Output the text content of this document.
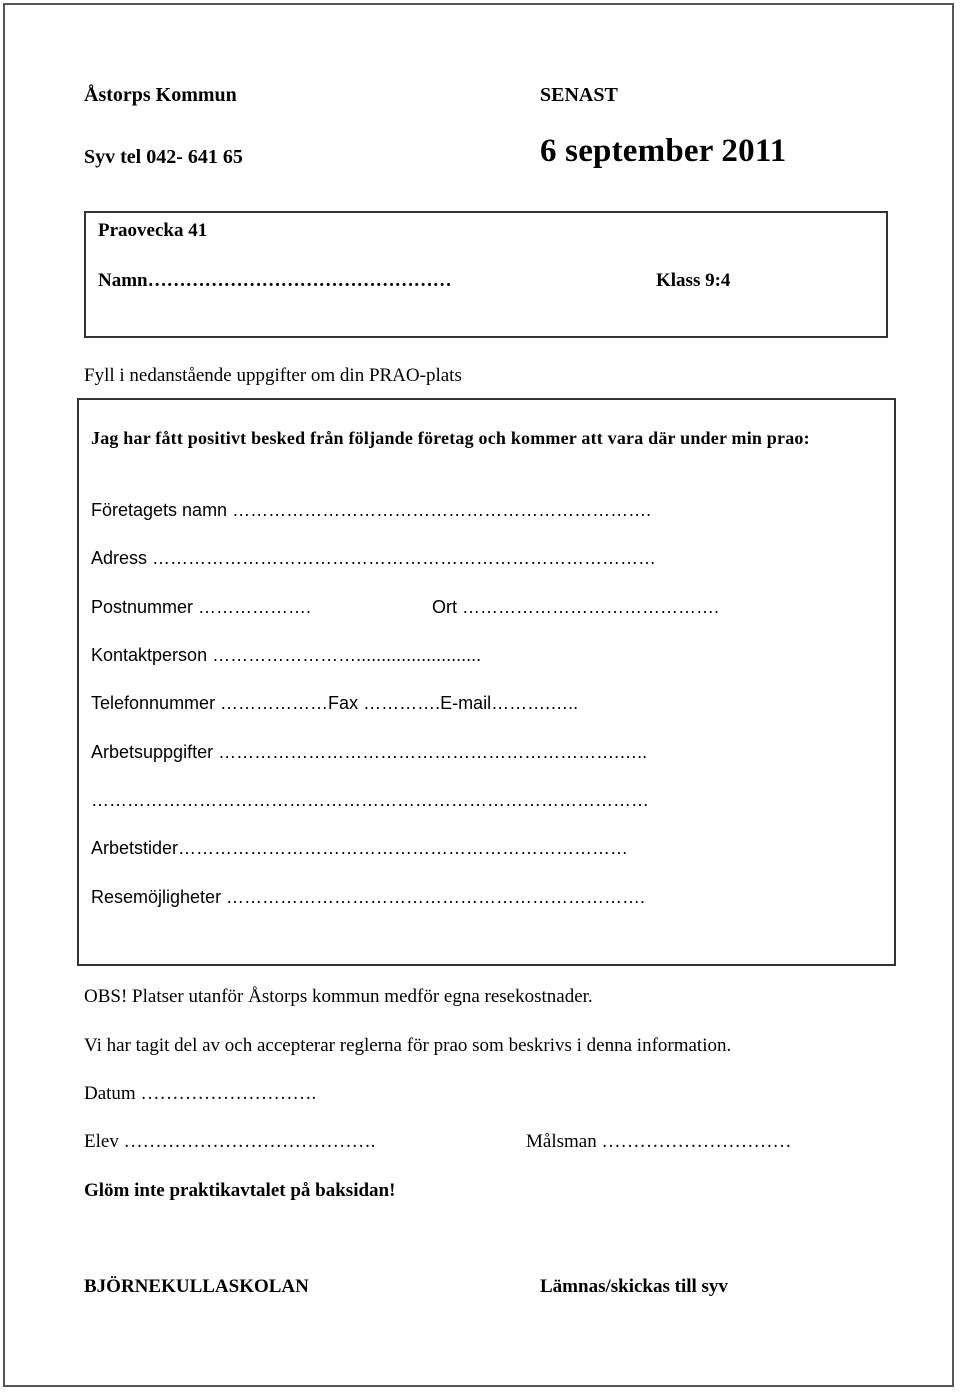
Åstorps Kommun	SENAST
Syv tel 042- 641 65	6 september 2011
Praovecka 41
Namn…………………………………………	Klass 9:4
Fyll i nedanstående uppgifter om din PRAO-plats
Jag har fått positivt besked från följande företag och kommer att vara där under min prao:
Företagets namn …………………………………………………………….
Adress …………………………………………………………………………
Postnummer ……………….	Ort …………………………………….
Kontaktperson …………………….........................
Telefonnummer ………………Fax ………….E-mail……….…..
Arbetsuppgifter ………………………………………………………….…..
…………………………………………………………………………………
Arbetstider…………………………………………………………………
Resemöjligheter …………………………………………………………….
OBS! Platser utanför Åstorps kommun medför egna resekostnader.
Vi har tagit del av och accepterar reglerna för prao som beskrivs i denna information.
Datum ……………………….
Elev ………………………………….	Målsman …………………………
Glöm inte praktikavtalet på baksidan!
BJÖRNEKULLASKOLAN	Lämnas/skickas till syv
